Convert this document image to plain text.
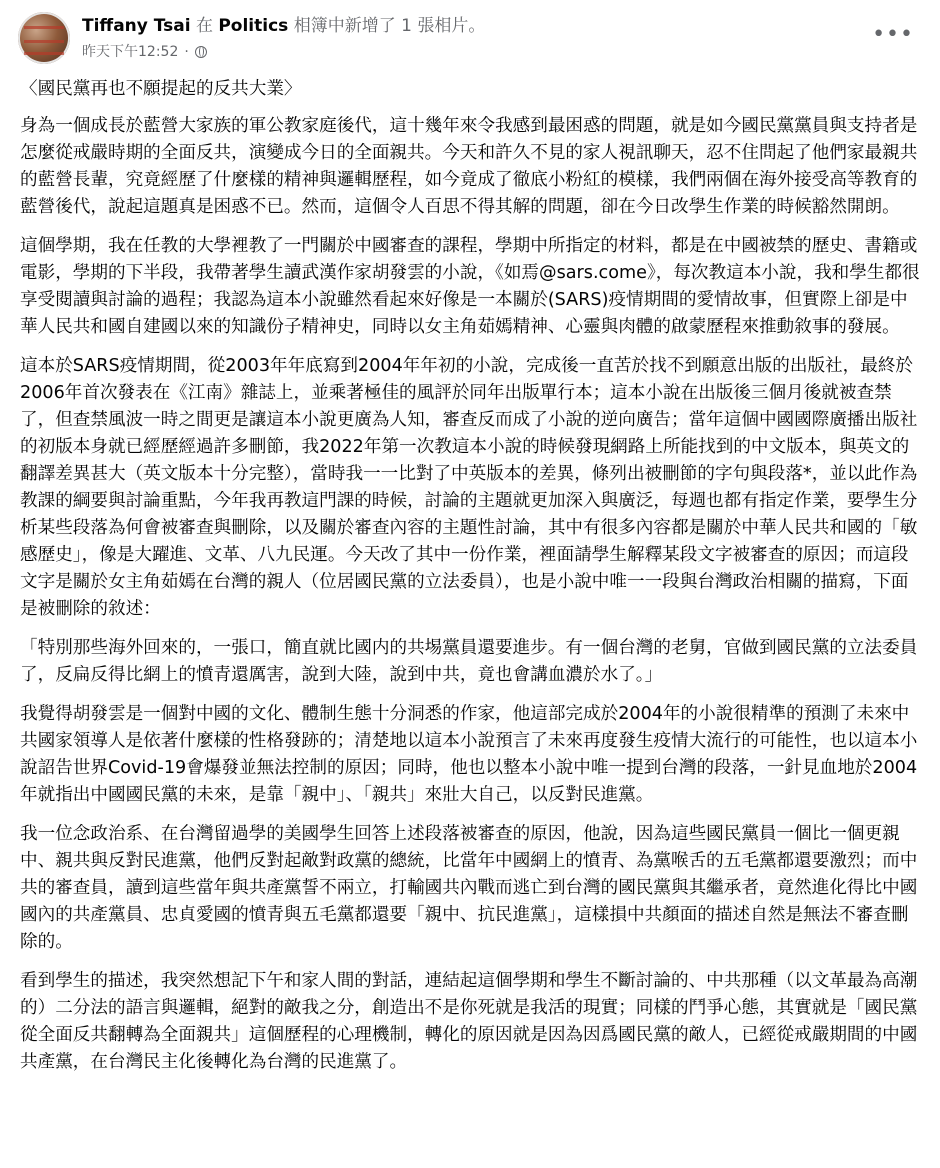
Tiffany Tsai 在 Politics 相簿中新增了 1 張相片。
昨天下午12:52 ·
•••

〈國民黨再也不願提起的反共大業〉

身為一個成長於藍營大家族的軍公教家庭後代，這十幾年來令我感到最困惑的問題，就是如今國民黨黨員與支持者是怎麼從戒嚴時期的全面反共，演變成今日的全面親共。今天和許久不見的家人視訊聊天，忍不住問起了他們家最親共的藍營長輩，究竟經歷了什麼樣的精神與邏輯歷程，如今竟成了徹底小粉紅的模樣，我們兩個在海外接受高等教育的藍營後代，說起這題真是困惑不已。然而，這個令人百思不得其解的問題，卻在今日改學生作業的時候豁然開朗。

這個學期，我在任教的大學裡教了一門關於中國審查的課程，學期中所指定的材料，都是在中國被禁的歷史、書籍或電影，學期的下半段，我帶著學生讀武漢作家胡發雲的小說，《如焉@sars.come》，每次教這本小說，我和學生都很享受閱讀與討論的過程；我認為這本小說雖然看起來好像是一本關於(SARS)疫情期間的愛情故事，但實際上卻是中華人民共和國自建國以來的知識份子精神史，同時以女主角茹嫣精神、心靈與肉體的啟蒙歷程來推動敘事的發展。

這本於SARS疫情期間，從2003年年底寫到2004年年初的小說，完成後一直苦於找不到願意出版的出版社，最終於2006年首次發表在《江南》雜誌上，並乘著極佳的風評於同年出版單行本；這本小說在出版後三個月後就被查禁了，但查禁風波一時之間更是讓這本小說更廣為人知，審查反而成了小說的逆向廣告；當年這個中國國際廣播出版社的初版本身就已經歷經過許多刪節，我2022年第一次教這本小說的時候發現網路上所能找到的中文版本，與英文的翻譯差異甚大（英文版本十分完整），當時我一一比對了中英版本的差異，條列出被刪節的字句與段落*，並以此作為教課的綱要與討論重點，今年我再教這門課的時候，討論的主題就更加深入與廣泛，每週也都有指定作業，要學生分析某些段落為何會被審查與刪除，以及關於審查內容的主題性討論，其中有很多內容都是關於中華人民共和國的「敏感歷史」，像是大躍進、文革、八九民運。今天改了其中一份作業，裡面請學生解釋某段文字被審查的原因；而這段文字是關於女主角茹嫣在台灣的親人（位居國民黨的立法委員），也是小說中唯一一段與台灣政治相關的描寫，下面是被刪除的敘述：

「特別那些海外回來的，一張口，簡直就比國内的共埸黨員還要進步。有一個台灣的老舅，官做到國民黨的立法委員了，反扁反得比網上的憤青還厲害，說到大陸，說到中共，竟也會講血濃於水了。」

我覺得胡發雲是一個對中國的文化、體制生態十分洞悉的作家，他這部完成於2004年的小說很精準的預測了未來中共國家領導人是依著什麼樣的性格發跡的；清楚地以這本小說預言了未來再度發生疫情大流行的可能性，也以這本小說詔告世界Covid-19會爆發並無法控制的原因；同時，他也以整本小說中唯一提到台灣的段落，一針見血地於2004年就指出中國國民黨的未來，是靠「親中」、「親共」來壯大自己，以反對民進黨。

我一位念政治系、在台灣留過學的美國學生回答上述段落被審查的原因，他說，因為這些國民黨員一個比一個更親中、親共與反對民進黨，他們反對起敵對政黨的總統，比當年中國網上的憤青、為黨喉舌的五毛黨都還要激烈；而中共的審查員，讀到這些當年與共產黨誓不兩立，打輸國共內戰而逃亡到台灣的國民黨與其繼承者，竟然進化得比中國國內的共產黨員、忠貞愛國的憤青與五毛黨都還要「親中、抗民進黨」，這樣損中共顏面的描述自然是無法不審查刪除的。

看到學生的描述，我突然想記下午和家人間的對話，連結起這個學期和學生不斷討論的、中共那種（以文革最為高潮的）二分法的語言與邏輯，絕對的敵我之分，創造出不是你死就是我活的現實；同樣的鬥爭心態，其實就是「國民黨從全面反共翻轉為全面親共」這個歷程的心理機制，轉化的原因就是因為因爲國民黨的敵人，已經從戒嚴期間的中國共產黨，在台灣民主化後轉化為台灣的民進黨了。
